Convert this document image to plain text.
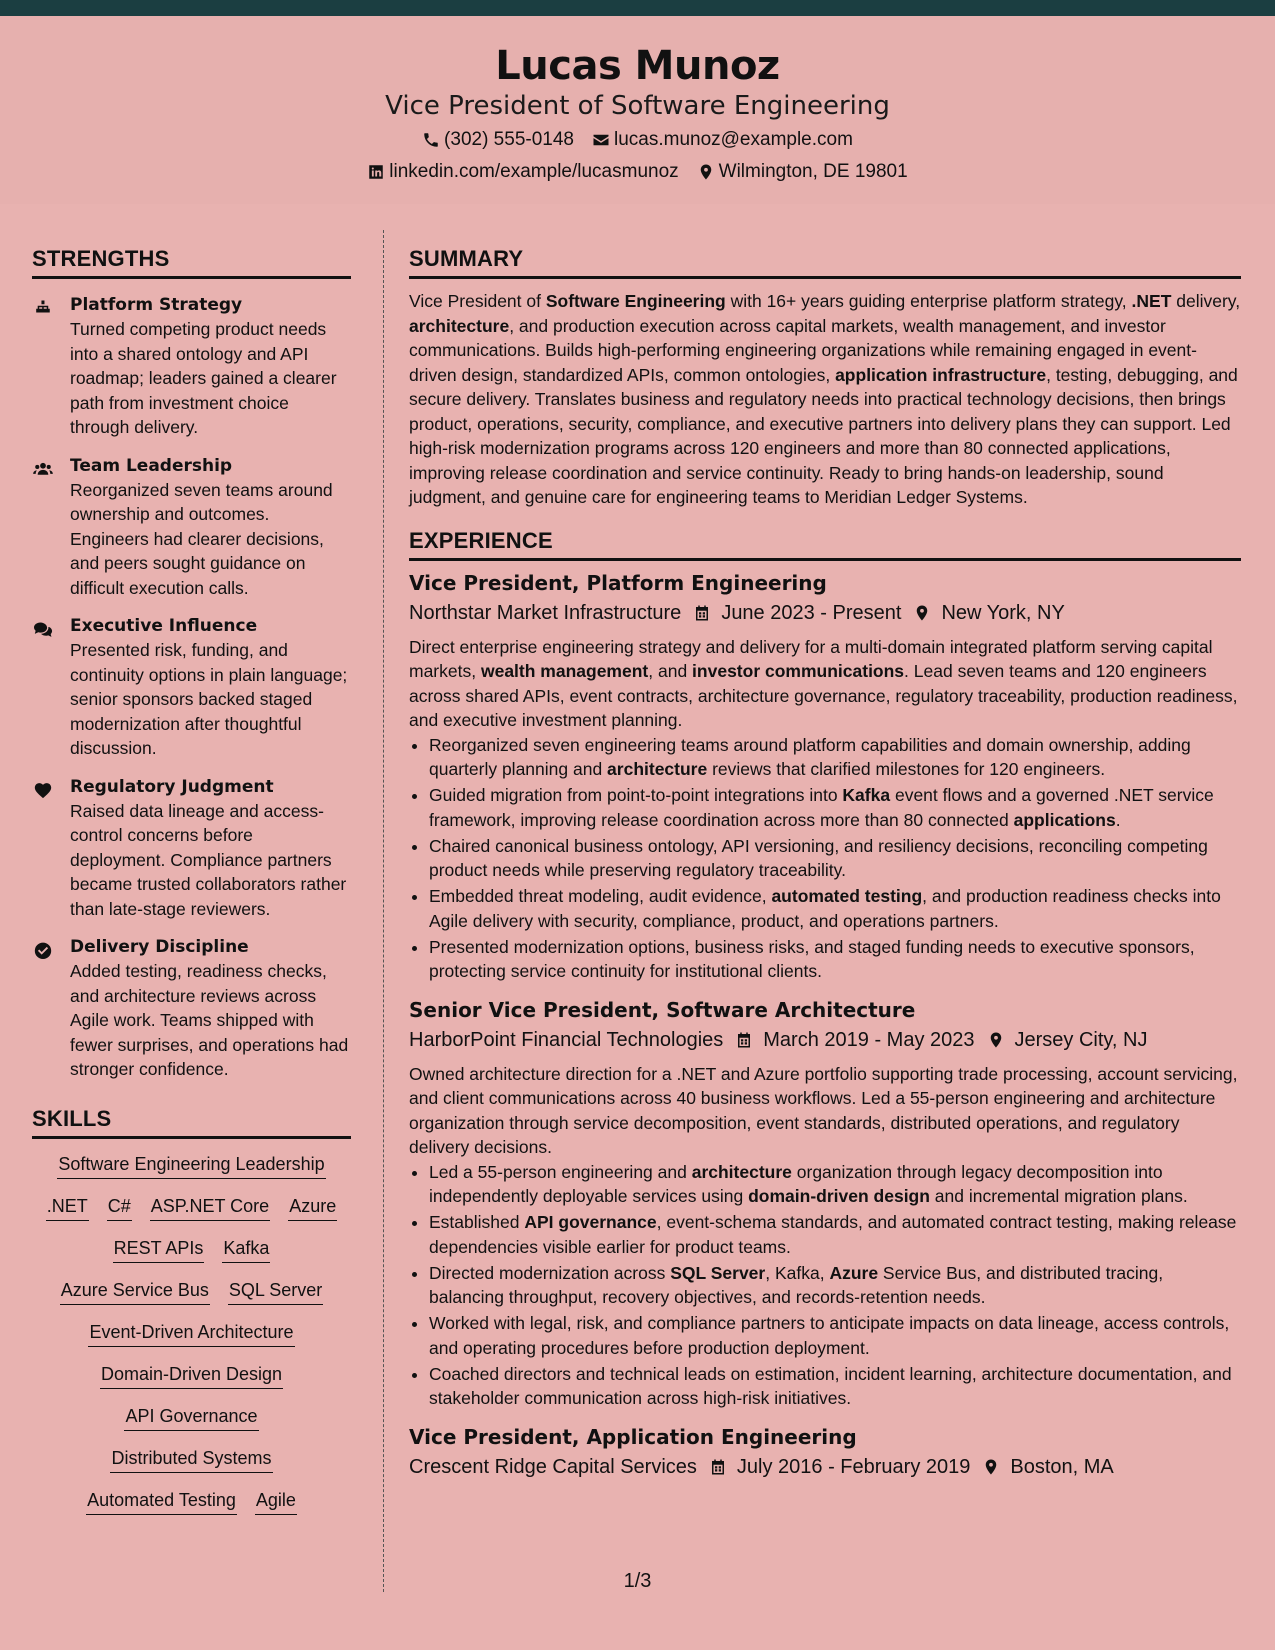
Lucas Munoz
Vice President of Software Engineering
(302) 555-0148 lucas.munoz@example.com
linkedin.com/example/lucasmunoz Wilmington, DE 19801
STRENGTHS
Platform Strategy
Turned competing product needs into a shared ontology and API roadmap; leaders gained a clearer path from investment choice through delivery.
Team Leadership
Reorganized seven teams around ownership and outcomes. Engineers had clearer decisions, and peers sought guidance on difficult execution calls.
Executive Influence
Presented risk, funding, and continuity options in plain language; senior sponsors backed staged modernization after thoughtful discussion.
Regulatory Judgment
Raised data lineage and access-control concerns before deployment. Compliance partners became trusted collaborators rather than late-stage reviewers.
Delivery Discipline
Added testing, readiness checks, and architecture reviews across Agile work. Teams shipped with fewer surprises, and operations had stronger confidence.
SKILLS
Software Engineering Leadership
.NET C# ASP.NET Core Azure
REST APIs Kafka
Azure Service Bus SQL Server
Event-Driven Architecture
Domain-Driven Design
API Governance
Distributed Systems
Automated Testing Agile
SUMMARY
Vice President of Software Engineering with 16+ years guiding enterprise platform strategy, .NET delivery, architecture, and production execution across capital markets, wealth management, and investor communications. Builds high-performing engineering organizations while remaining engaged in event-driven design, standardized APIs, common ontologies, application infrastructure, testing, debugging, and secure delivery. Translates business and regulatory needs into practical technology decisions, then brings product, operations, security, compliance, and executive partners into delivery plans they can support. Led high-risk modernization programs across 120 engineers and more than 80 connected applications, improving release coordination and service continuity. Ready to bring hands-on leadership, sound judgment, and genuine care for engineering teams to Meridian Ledger Systems.
EXPERIENCE
Vice President, Platform Engineering
Northstar Market Infrastructure June 2023 - Present New York, NY
Direct enterprise engineering strategy and delivery for a multi-domain integrated platform serving capital markets, wealth management, and investor communications. Lead seven teams and 120 engineers across shared APIs, event contracts, architecture governance, regulatory traceability, production readiness, and executive investment planning.
• Reorganized seven engineering teams around platform capabilities and domain ownership, adding quarterly planning and architecture reviews that clarified milestones for 120 engineers.
• Guided migration from point-to-point integrations into Kafka event flows and a governed .NET service framework, improving release coordination across more than 80 connected applications.
• Chaired canonical business ontology, API versioning, and resiliency decisions, reconciling competing product needs while preserving regulatory traceability.
• Embedded threat modeling, audit evidence, automated testing, and production readiness checks into Agile delivery with security, compliance, product, and operations partners.
• Presented modernization options, business risks, and staged funding needs to executive sponsors, protecting service continuity for institutional clients.
Senior Vice President, Software Architecture
HarborPoint Financial Technologies March 2019 - May 2023 Jersey City, NJ
Owned architecture direction for a .NET and Azure portfolio supporting trade processing, account servicing, and client communications across 40 business workflows. Led a 55-person engineering and architecture organization through service decomposition, event standards, distributed operations, and regulatory delivery decisions.
• Led a 55-person engineering and architecture organization through legacy decomposition into independently deployable services using domain-driven design and incremental migration plans.
• Established API governance, event-schema standards, and automated contract testing, making release dependencies visible earlier for product teams.
• Directed modernization across SQL Server, Kafka, Azure Service Bus, and distributed tracing, balancing throughput, recovery objectives, and records-retention needs.
• Worked with legal, risk, and compliance partners to anticipate impacts on data lineage, access controls, and operating procedures before production deployment.
• Coached directors and technical leads on estimation, incident learning, architecture documentation, and stakeholder communication across high-risk initiatives.
Vice President, Application Engineering
Crescent Ridge Capital Services July 2016 - February 2019 Boston, MA
1/3
